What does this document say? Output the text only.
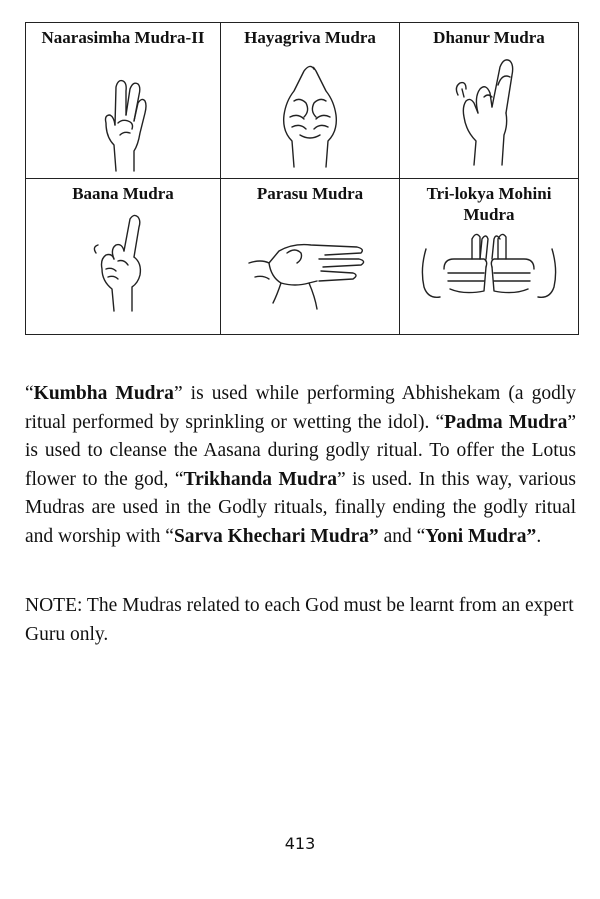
Naarasimha Mudra-II	Hayagriva Mudra	Dhanur Mudra

Baana Mudra	Parasu Mudra	Tri-lokya Mohini Mudra

“Kumbha Mudra” is used while performing Abhishekam (a godly ritual performed by sprinkling or wetting the idol). “Padma Mudra” is used to cleanse the Aasana during godly ritual. To offer the Lotus flower to the god, “Trikhanda Mudra” is used. In this way, various Mudras are used in the Godly rituals, finally ending the godly ritual and worship with “Sarva Khechari Mudra” and “Yoni Mudra”.

NOTE: The Mudras related to each God must be learnt from an expert Guru only.

413
